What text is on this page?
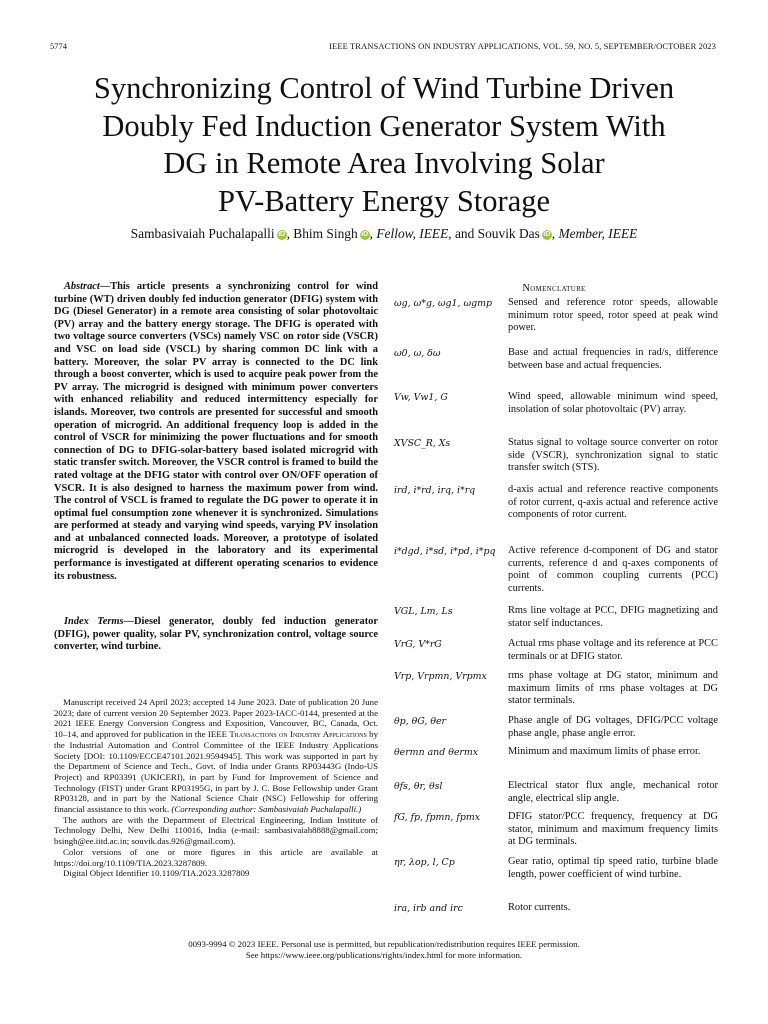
5774	IEEE TRANSACTIONS ON INDUSTRY APPLICATIONS, VOL. 59, NO. 5, SEPTEMBER/OCTOBER 2023
Synchronizing Control of Wind Turbine Driven
Doubly Fed Induction Generator System With
DG in Remote Area Involving Solar
PV-Battery Energy Storage
Sambasivaiah Puchalapalli iD , Bhim Singh iD , Fellow, IEEE, and Souvik Das iD , Member, IEEE

Abstract—This article presents a synchronizing control for wind turbine (WT) driven doubly fed induction generator (DFIG) system with DG (Diesel Generator) in a remote area consisting of solar photovoltaic (PV) array and the battery energy storage. The DFIG is operated with two voltage source converters (VSCs) namely VSC on rotor side (VSCR) and VSC on load side (VSCL) by sharing common DC link with a battery. Moreover, the solar PV array is connected to the DC link through a boost converter, which is used to acquire peak power from the PV array. The microgrid is designed with minimum power converters with enhanced reliability and reduced intermittency especially for islands. Moreover, two controls are presented for successful and smooth operation of microgrid. An additional frequency loop is added in the control of VSCR for minimizing the power fluctuations and for smooth connection of DG to DFIG-solar-battery based isolated microgrid with static transfer switch. Moreover, the VSCR control is framed to build the rated voltage at the DFIG stator with control over ON/OFF operation of VSCR. It is also designed to harness the maximum power from wind. The control of VSCL is framed to regulate the DG power to operate it in optimal fuel consumption zone whenever it is synchronized. Simulations are performed at steady and varying wind speeds, varying PV insolation and at unbalanced connected loads. Moreover, a prototype of isolated microgrid is developed in the laboratory and its experimental performance is investigated at different operating scenarios to evidence its robustness.

Index Terms—Diesel generator, doubly fed induction generator (DFIG), power quality, solar PV, synchronization control, voltage source converter, wind turbine.

Manuscript received 24 April 2023; accepted 14 June 2023. Date of publication 20 June 2023; date of current version 20 September 2023. Paper 2023-IACC-0144, presented at the 2021 IEEE Energy Conversion Congress and Exposition, Vancouver, BC, Canada, Oct. 10–14, and approved for publication in the IEEE Transactions on Industry Applications by the Industrial Automation and Control Committee of the IEEE Industry Applications Society [DOI: 10.1109/ECCE47101.2021.9594945]. This work was supported in part by the Department of Science and Tech., Govt. of India under Grants RP03443G (Indo-US Project) and RP03391 (UKICERI), in part by Fund for Improvement of Science and Technology (FIST) under Grant RP03195G, in part by J. C. Bose Fellowship under Grant RP03128, and in part by the National Science Chair (NSC) Fellowship for offering financial assistance to this work. (Corresponding author: Sambasivaiah Puchalapalli.)

The authors are with the Department of Electrical Engineering, Indian Institute of Technology Delhi, New Delhi 110016, India (e-mail: sambasivaiah8888@gmail.com; bsingh@ee.iitd.ac.in; souvik.das.926@gmail.com).

Color versions of one or more figures in this article are available at https://doi.org/10.1109/TIA.2023.3287809.

Digital Object Identifier 10.1109/TIA.2023.3287809

Nomenclature
ωg, ω*g, ωg1, ωgmp	Sensed and reference rotor speeds, allowable minimum rotor speed, rotor speed at peak wind power.
ω0, ω, δω	Base and actual frequencies in rad/s, difference between base and actual frequencies.
Vw, Vw1, G	Wind speed, allowable minimum wind speed, insolation of solar photovoltaic (PV) array.
XVSC_R, Xs	Status signal to voltage source converter on rotor side (VSCR), synchronization signal to static transfer switch (STS).
ird, i*rd, irq, i*rq	d-axis actual and reference reactive components of rotor current, q-axis actual and reference active components of rotor current.
i*dgd, i*sd, i*pd, i*pq	Active reference d-component of DG and stator currents, reference d and q-axes components of point of common coupling currents (PCC) currents.
VGL, Lm, Ls	Rms line voltage at PCC, DFIG magnetizing and stator self inductances.
VrG, V*rG	Actual rms phase voltage and its reference at PCC terminals or at DFIG stator.
Vrp, Vrpmn, Vrpmx	rms phase voltage at DG stator, minimum and maximum limits of rms phase voltages at DG stator terminals.
θp, θG, θer	Phase angle of DG voltages, DFIG/PCC voltage phase angle, phase angle error.
θermn and θermx	Minimum and maximum limits of phase error.
θfs, θr, θsl	Electrical stator flux angle, mechanical rotor angle, electrical slip angle.
fG, fp, fpmn, fpmx	DFIG stator/PCC frequency, frequency at DG stator, minimum and maximum frequency limits at DG terminals.
ηr, λop, l, Cp	Gear ratio, optimal tip speed ratio, turbine blade length, power coefficient of wind turbine.
ira, irb and irc	Rotor currents.
0093-9994 © 2023 IEEE. Personal use is permitted, but republication/redistribution requires IEEE permission.
See https://www.ieee.org/publications/rights/index.html for more information.
